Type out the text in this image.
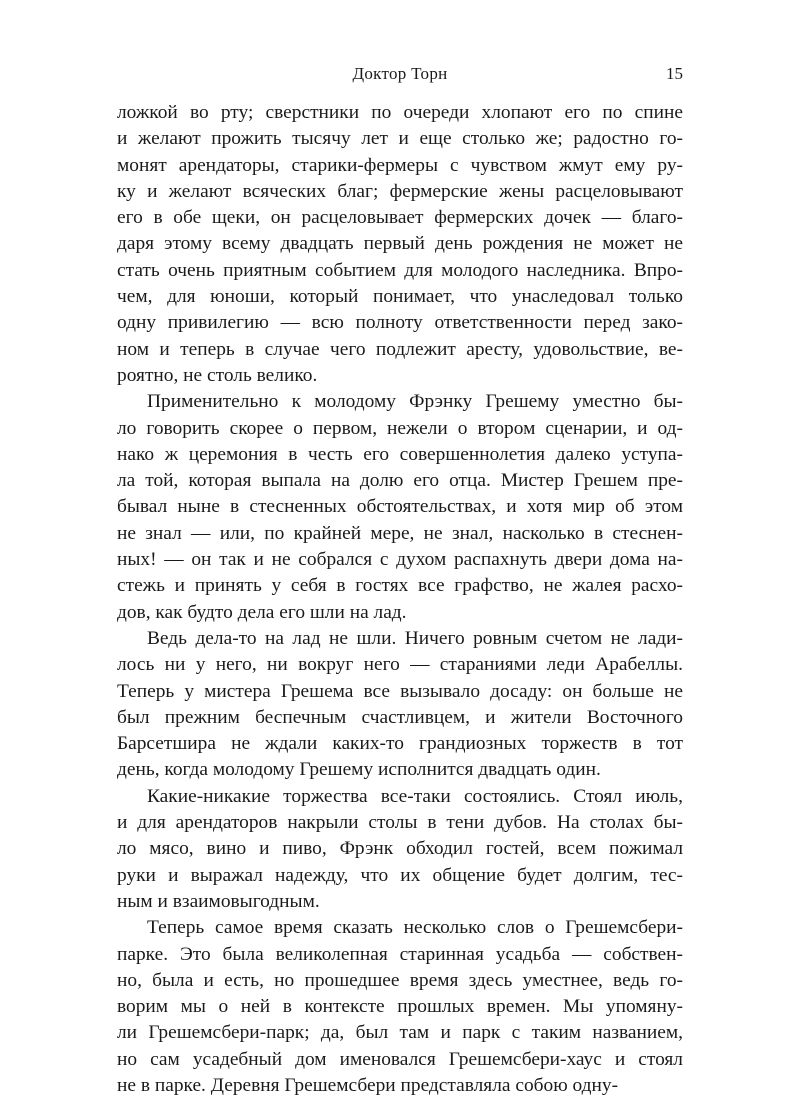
Доктор Торн	15
ложкой во рту; сверстники по очереди хлопают его по спине
и желают прожить тысячу лет и еще столько же; радостно го-
монят арендаторы, старики-фермеры с чувством жмут ему ру-
ку и желают всяческих благ; фермерские жены расцеловывают
его в обе щеки, он расцеловывает фермерских дочек — благо-
даря этому всему двадцать первый день рождения не может не
стать очень приятным событием для молодого наследника. Впро-
чем, для юноши, который понимает, что унаследовал только
одну привилегию — всю полноту ответственности перед зако-
ном и теперь в случае чего подлежит аресту, удовольствие, ве-
роятно, не столь велико.
Применительно к молодому Фрэнку Грешему уместно бы-
ло говорить скорее о первом, нежели о втором сценарии, и од-
нако ж церемония в честь его совершеннолетия далеко уступа-
ла той, которая выпала на долю его отца. Мистер Грешем пре-
бывал ныне в стесненных обстоятельствах, и хотя мир об этом
не знал — или, по крайней мере, не знал, насколько в стеснен-
ных! — он так и не собрался с духом распахнуть двери дома на-
стежь и принять у себя в гостях все графство, не жалея расхо-
дов, как будто дела его шли на лад.
Ведь дела-то на лад не шли. Ничего ровным счетом не лади-
лось ни у него, ни вокруг него — стараниями леди Арабеллы.
Теперь у мистера Грешема все вызывало досаду: он больше не
был прежним беспечным счастливцем, и жители Восточного
Барсетшира не ждали каких-то грандиозных торжеств в тот
день, когда молодому Грешему исполнится двадцать один.
Какие-никакие торжества все-таки состоялись. Стоял июль,
и для арендаторов накрыли столы в тени дубов. На столах бы-
ло мясо, вино и пиво, Фрэнк обходил гостей, всем пожимал
руки и выражал надежду, что их общение будет долгим, тес-
ным и взаимовыгодным.
Теперь самое время сказать несколько слов о Грешемсбери-
парке. Это была великолепная старинная усадьба — собствен-
но, была и есть, но прошедшее время здесь уместнее, ведь го-
ворим мы о ней в контексте прошлых времен. Мы упомяну-
ли Грешемсбери-парк; да, был там и парк с таким названием,
но сам усадебный дом именовался Грешемсбери-хаус и стоял
не в парке. Деревня Грешемсбери представляла собою одну-
